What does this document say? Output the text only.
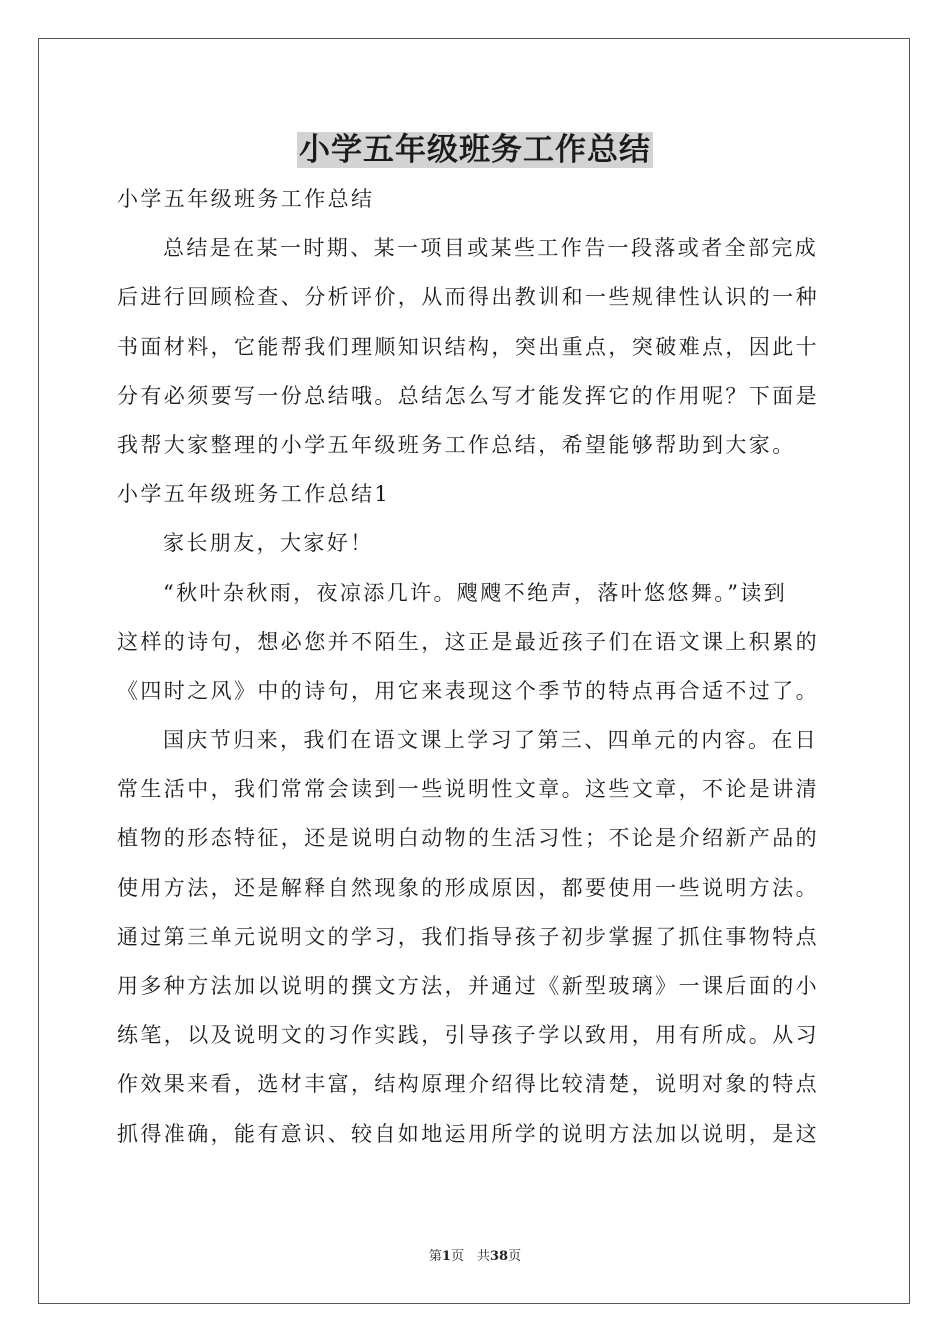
小学五年级班务工作总结
小学五年级班务工作总结
总结是在某一时期、某一项目或某些工作告一段落或者全部完成
后进行回顾检查、分析评价，从而得出教训和一些规律性认识的一种
书面材料，它能帮我们理顺知识结构，突出重点，突破难点，因此十
分有必须要写一份总结哦。总结怎么写才能发挥它的作用呢？下面是
我帮大家整理的小学五年级班务工作总结，希望能够帮助到大家。
小学五年级班务工作总结1
家长朋友，大家好！
“秋叶杂秋雨，夜凉添几许。飕飕不绝声，落叶悠悠舞。”读到
这样的诗句，想必您并不陌生，这正是最近孩子们在语文课上积累的
《四时之风》中的诗句，用它来表现这个季节的特点再合适不过了。
国庆节归来，我们在语文课上学习了第三、四单元的内容。在日
常生活中，我们常常会读到一些说明性文章。这些文章，不论是讲清
植物的形态特征，还是说明白动物的生活习性；不论是介绍新产品的
使用方法，还是解释自然现象的形成原因，都要使用一些说明方法。
通过第三单元说明文的学习，我们指导孩子初步掌握了抓住事物特点
用多种方法加以说明的撰文方法，并通过《新型玻璃》一课后面的小
练笔，以及说明文的习作实践，引导孩子学以致用，用有所成。从习
作效果来看，选材丰富，结构原理介绍得比较清楚，说明对象的特点
抓得准确，能有意识、较自如地运用所学的说明方法加以说明，是这
第1页　共38页
